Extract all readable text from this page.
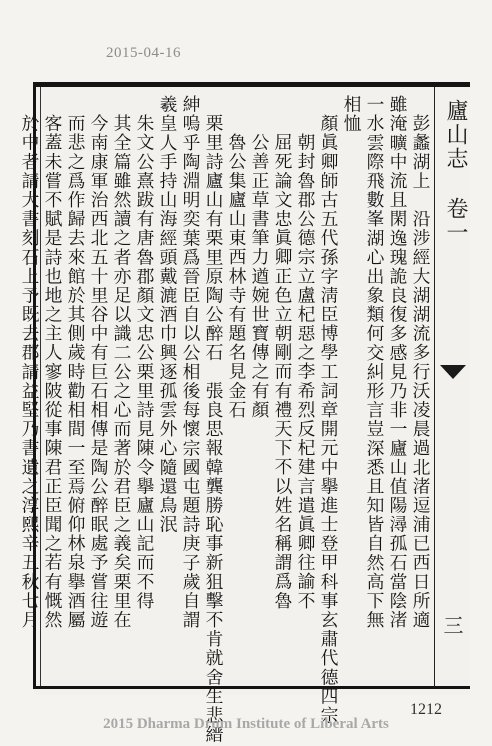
2015-04-16
廬山志卷一
三
彭蠡湖上　沿涉經大湖湖流多行沃凌晨過北渚逗浦已西日所適
雖淹曠中流且閑逸瑰詭良復多感見乃非一廬山值陽潯孤石當陰渚
一水雲際飛數峯湖心出象類何交糾形言豈深悉且知皆自然高下無
相恤
顏眞卿師古五代孫字淸臣博學工詞章開元中擧進士登甲科事玄肅代德四宗
朝封魯郡公德宗立盧杞惡之李希烈反杞建言遣眞卿往諭不
屈死論文忠眞卿正色立朝剛而有禮天下不以姓名稱謂爲魯
公善正草書筆力遒婉世寶傳之有顏
魯公集廬山東西林寺有題名見金石
栗里詩廬山有栗里原陶公醉石　張良思報韓龔勝恥事新狙擊不肯就舍生悲縉
紳嗚乎陶淵明奕葉爲晉臣自以公相後每懷宗國屯題詩庚子歲自謂
羲皇人手持山海經頭戴漉酒巾興逐孤雲外心隨還鳥泯
朱文公熹跋有唐魯郡顏文忠公栗里詩見陳令擧廬山記而不得
其全篇雖然讀之者亦足以識二公之心而著於君臣之義矣栗里在
今南康軍治西北五十里谷中有巨石相傳是陶公醉眠處予嘗往遊
而悲之爲作歸去來館於其側歲時勸相間一至焉俯仰林泉擧酒屬
客蓋未嘗不賦是詩也地之主人寥陂從事陳君正臣聞之若有慨然
於中者請大書刻石上予既去郡請益堅乃書遺之淳熙辛丑秋七月
1212
2015 Dharma Drum Institute of Liberal Arts
